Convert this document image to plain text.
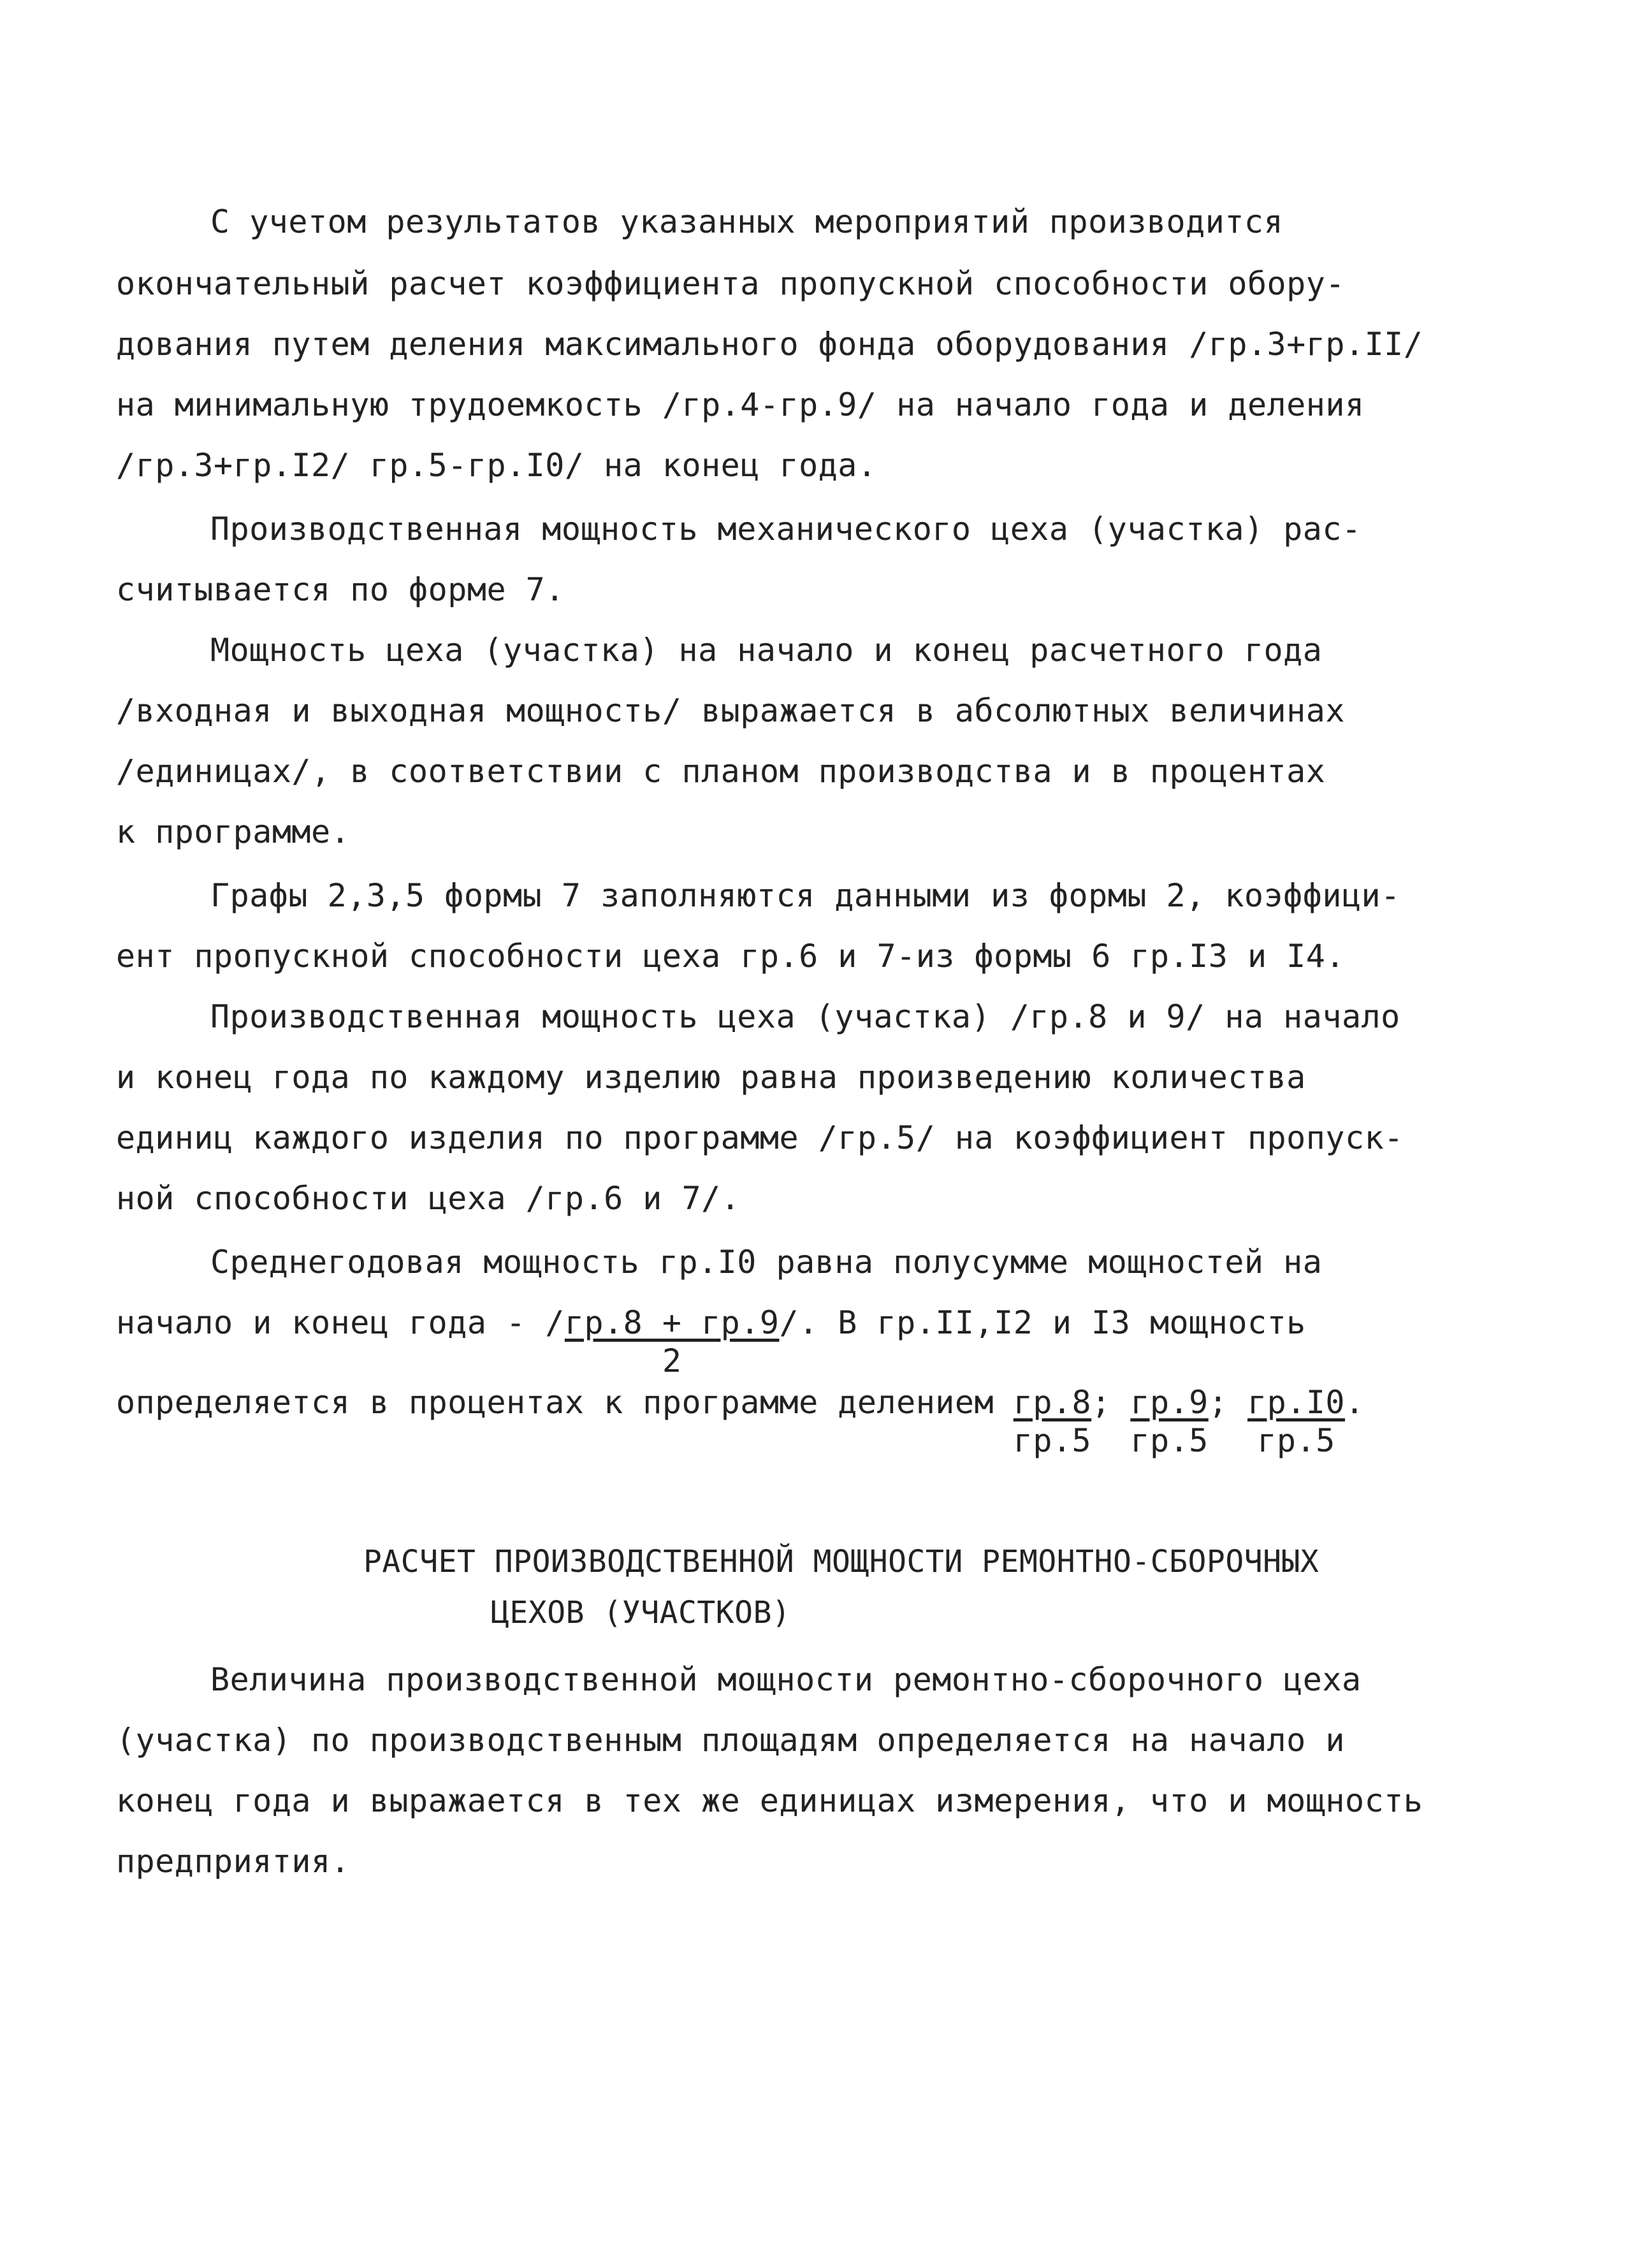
С учетом результатов указанных мероприятий производится
окончательный расчет коэффициента пропускной способности обору-
дования путем деления максимального фонда оборудования /гр.3+гр.II/
на минимальную трудоемкость /гр.4-гр.9/ на начало года и деления
/гр.3+гр.I2/ гр.5-гр.I0/ на конец года.
Производственная мощность механического цеха (участка) рас-
считывается по форме 7.
Мощность цеха (участка) на начало и конец расчетного года
/входная и выходная мощность/ выражается в абсолютных величинах
/единицах/, в соответствии с планом производства и в процентах
к программе.
Графы 2,3,5 формы 7 заполняются данными из формы 2, коэффици-
ент пропускной способности цеха гр.6 и 7-из формы 6 гр.I3 и I4.
Производственная мощность цеха (участка) /гр.8 и 9/ на начало
и конец года по каждому изделию равна произведению количества
единиц каждого изделия по программе /гр.5/ на коэффициент пропуск-
ной способности цеха /гр.6 и 7/.
Среднегодовая мощность гр.I0 равна полусумме мощностей на
начало и конец года - / $\frac{гр.8 + гр.9}{2}$ /. В гр.II,I2 и I3 мощность
определяется в процентах к программе делением $\frac{гр.8}{гр.5}$ ; $\frac{гр.9}{гр.5}$ ; $\frac{гр.I0}{гр.5}$ .
РАСЧЕТ ПРОИЗВОДСТВЕННОЙ МОЩНОСТИ РЕМОНТНО-СБОРОЧНЫХ
ЦЕХОВ (УЧАСТКОВ)
Величина производственной мощности ремонтно-сборочного цеха
(участка) по производственным площадям определяется на начало и
конец года и выражается в тех же единицах измерения, что и мощность
предприятия.
